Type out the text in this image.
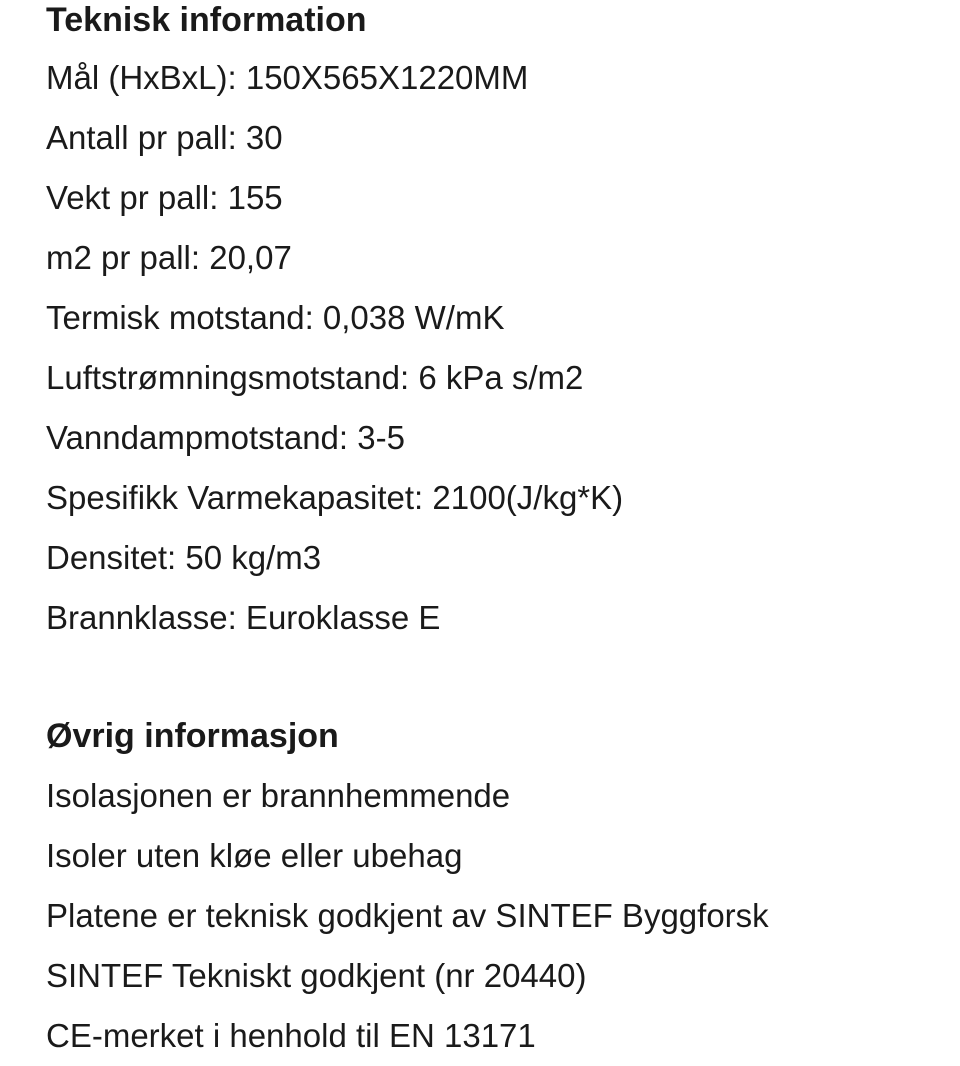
Teknisk information

Mål (HxBxL): 150X565X1220MM

Antall pr pall: 30

Vekt pr pall: 155

m2 pr pall: 20,07

Termisk motstand: 0,038 W/mK

Luftstrømningsmotstand: 6 kPa s/m2

Vanndampmotstand: 3-5

Spesifikk Varmekapasitet: 2100(J/kg*K)

Densitet: 50 kg/m3

Brannklasse: Euroklasse E

Øvrig informasjon

Isolasjonen er brannhemmende

Isoler uten kløe eller ubehag

Platene er teknisk godkjent av SINTEF Byggforsk

SINTEF Tekniskt godkjent (nr 20440)

CE-merket i henhold til EN 13171
